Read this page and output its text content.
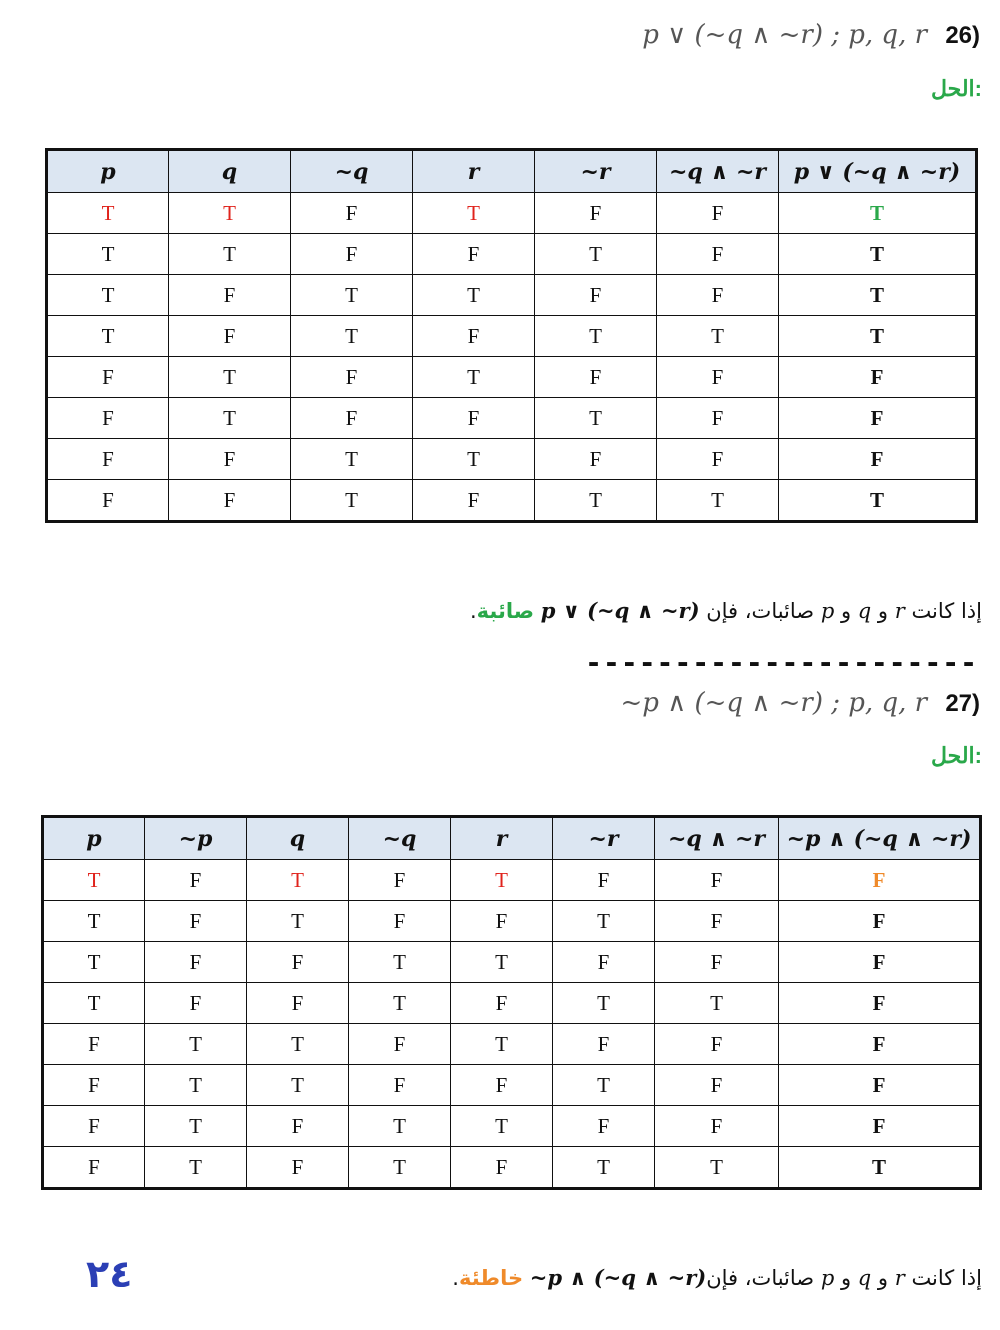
p ∨ (~q ∧ ~r) ; p, q, r 26)
الحل:
p	q	~q	r	~r	~q ∧ ~r	p ∨ (~q ∧ ~r)
T	T	F	T	F	F	T
T	T	F	F	T	F	T
T	F	T	T	F	F	T
T	F	T	F	T	T	T
F	T	F	T	F	F	F
F	T	F	F	T	F	F
F	F	T	T	F	F	F
F	F	T	F	T	T	T
إذا كانت r و q و p صائبات، فإن p ∨ (~q ∧ ~r) صائبة.
----------------------
~p ∧ (~q ∧ ~r) ; p, q, r 27)
الحل:
p	~p	q	~q	r	~r	~q ∧ ~r	~p ∧ (~q ∧ ~r)
T	F	T	F	T	F	F	F
T	F	T	F	F	T	F	F
T	F	F	T	T	F	F	F
T	F	F	T	F	T	T	F
F	T	T	F	T	F	F	F
F	T	T	F	F	T	F	F
F	T	F	T	T	F	F	F
F	T	F	T	F	T	T	T
إذا كانت r و q و p صائبات، فإن~p ∧ (~q ∧ ~r) خاطئة.
٢٤
